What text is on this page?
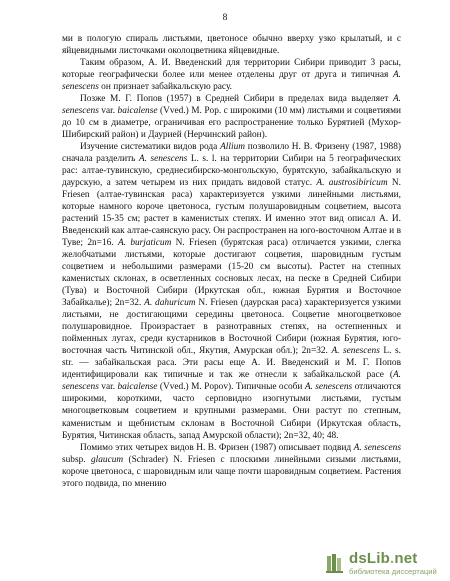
8

ми в пологую спираль листьями, цветоносе обычно вверху узко крылатый, и с яйцевидными листочками околоцветника яйцевидные.

Таким образом, А. И. Введенский для территории Сибири приводит 3 расы, которые географически более или менее отделены друг от друга и типичная A. senescens он признает забайкальскую расу.

Позже М. Г. Попов (1957) в Средней Сибири в пределах вида выделяет A. senescens var. baicalense (Vved.) M. Pop. с широкими (10 мм) листьями и соцветиями до 10 см в диаметре, ограничивая его распространение только Бурятией (Мухор-Шибирский район) и Даурией (Нерчинский район).

Изучение систематики видов рода Allium позволило Н. В. Фризену (1987, 1988) сначала разделить A. senescens L. s. l. на территории Сибири на 5 географических рас: алтае-тувинскую, среднесибирско-монгольскую, бурятскую, забайкальскую и даурскую, а затем четырем из них придать видовой статус. A. austrosibiricum N. Friesen (алтае-тувинская раса) характеризуется узкими линейными листьями, которые намного короче цветоноса, густым полушаровидным соцветием, высота растений 15-35 см; растет в каменистых степях. И именно этот вид описал А. И. Введенский как алтае-саянскую расу. Он распространен на юго-восточном Алтае и в Туве; 2n=16. A. burjaticum N. Friesen (бурятская раса) отличается узкими, слегка желобчатыми листьями, которые достигают соцветия, шаровидным густым соцветием и небольшими размерами (15-20 см высоты). Растет на степных каменистых склонах, в осветленных сосновых лесах, на песке в Средней Сибири (Тува) и Восточной Сибири (Иркутская обл., южная Бурятия и Восточное Забайкалье); 2n=32. A. dahuricum N. Friesen (даурская раса) характеризуется узкими листьями, не достигающими середины цветоноса. Соцветие многоцветковое полушаровидное. Произрастает в разнотравных степях, на остепненных и пойменных лугах, среди кустарников в Восточной Сибири (южная Бурятия, юго-восточная часть Читинской обл., Якутия, Амурская обл.); 2n=32. A. senescens L. s. str. — забайкальская раса. Эти расы еще А. И. Введенский и М. Г. Попов идентифицировали как типичные и так же отнесли к забайкальской расе (A. senescens var. baicalense (Vved.) M. Popov). Типичные особи A. senescens отличаются широкими, короткими, часто серповидно изогнутыми листьями, густым многоцветковым соцветием и крупными размерами. Они растут по степным, каменистым и щебнистым склонам в Восточной Сибири (Иркутская область, Бурятия, Читинская область, запад Амурской области); 2n=32, 40; 48.

Помимо этих четырех видов Н. В. Фризен (1987) описывает подвид A. senescens subsp. glaucum (Schrader) N. Friesen с плоскими линейными сизыми листьями, короче цветоноса, с шаровидным или чаще почти шаровидным соцветием. Растения этого подвида, по мнению

dsLib.net
библиотека диссертаций
